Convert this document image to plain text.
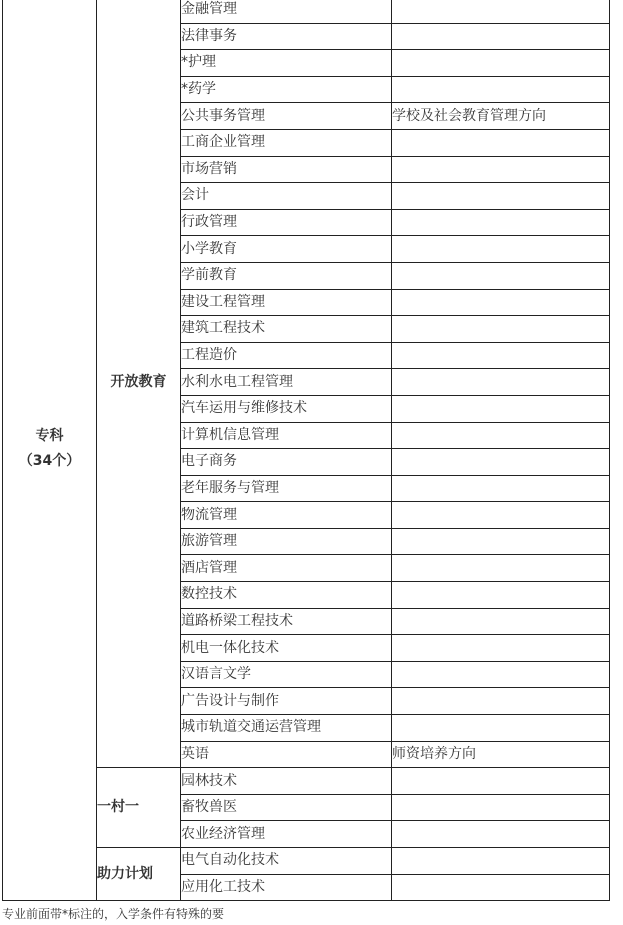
专科
（34个）	开放教育	金融管理	
		法律事务	
		*护理	
		*药学	
		公共事务管理	学校及社会教育管理方向
		工商企业管理	
		市场营销	
		会计	
		行政管理	
		小学教育	
		学前教育	
		建设工程管理	
		建筑工程技术	
		工程造价	
		水利水电工程管理	
		汽车运用与维修技术	
		计算机信息管理	
		电子商务	
		老年服务与管理	
		物流管理	
		旅游管理	
		酒店管理	
		数控技术	
		道路桥梁工程技术	
		机电一体化技术	
		汉语言文学	
		广告设计与制作	
		城市轨道交通运营管理	
		英语	师资培养方向
	一村一	园林技术	
		畜牧兽医	
		农业经济管理	
	助力计划	电气自动化技术	
		应用化工技术	
专业前面带*标注的，入学条件有特殊的要
